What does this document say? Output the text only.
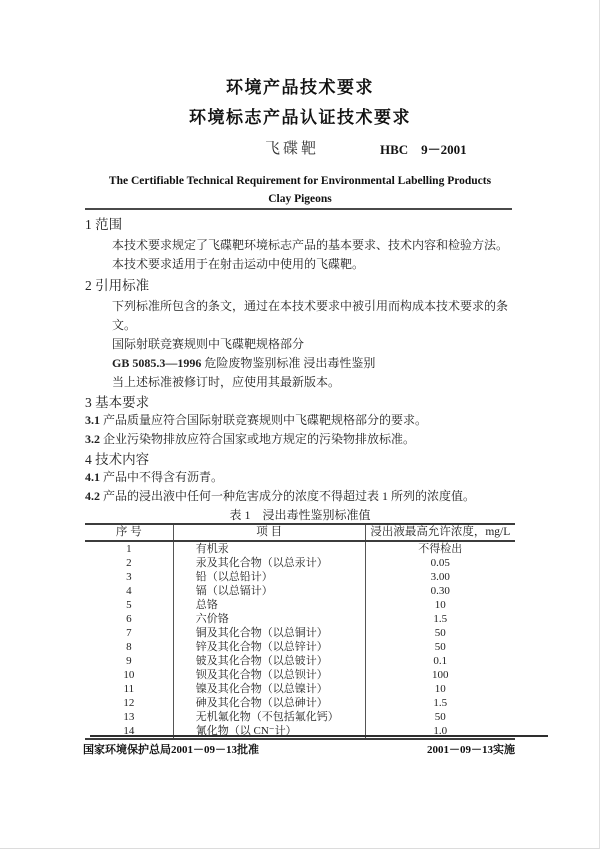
环境产品技术要求
环境标志产品认证技术要求
飞碟靶	HBC　9－2001
The Certifiable Technical Requirement for Environmental Labelling Products
Clay Pigeons
1 范围

本技术要求规定了飞碟靶环境标志产品的基本要求、技术内容和检验方法。

本技术要求适用于在射击运动中使用的飞碟靶。

2 引用标准

下列标准所包含的条文，通过在本技术要求中被引用而构成本技术要求的条文。

国际射联竞赛规则中飞碟靶规格部分

GB 5085.3—1996 危险废物鉴别标准 浸出毒性鉴别

当上述标准被修订时，应使用其最新版本。

3 基本要求

3.1 产品质量应符合国际射联竞赛规则中飞碟靶规格部分的要求。

3.2 企业污染物排放应符合国家或地方规定的污染物排放标准。

4 技术内容

4.1 产品中不得含有沥青。

4.2 产品的浸出液中任何一种危害成分的浓度不得超过表 1 所列的浓度值。

表 1　浸出毒性鉴别标准值
序 号	项 目	浸出液最高允许浓度，mg/L
1	有机汞	不得检出
2	汞及其化合物（以总汞计）	0.05
3	铅（以总铅计）	3.00
4	镉（以总镉计）	0.30
5	总铬	10
6	六价铬	1.5
7	铜及其化合物（以总铜计）	50
8	锌及其化合物（以总锌计）	50
9	铍及其化合物（以总铍计）	0.1
10	钡及其化合物（以总钡计）	100
11	镍及其化合物（以总镍计）	10
12	砷及其化合物（以总砷计）	1.5
13	无机氟化物（不包括氟化钙）	50
14	氰化物（以 CN⁻计）	1.0
国家环境保护总局2001－09－13批准	2001－09－13实施
